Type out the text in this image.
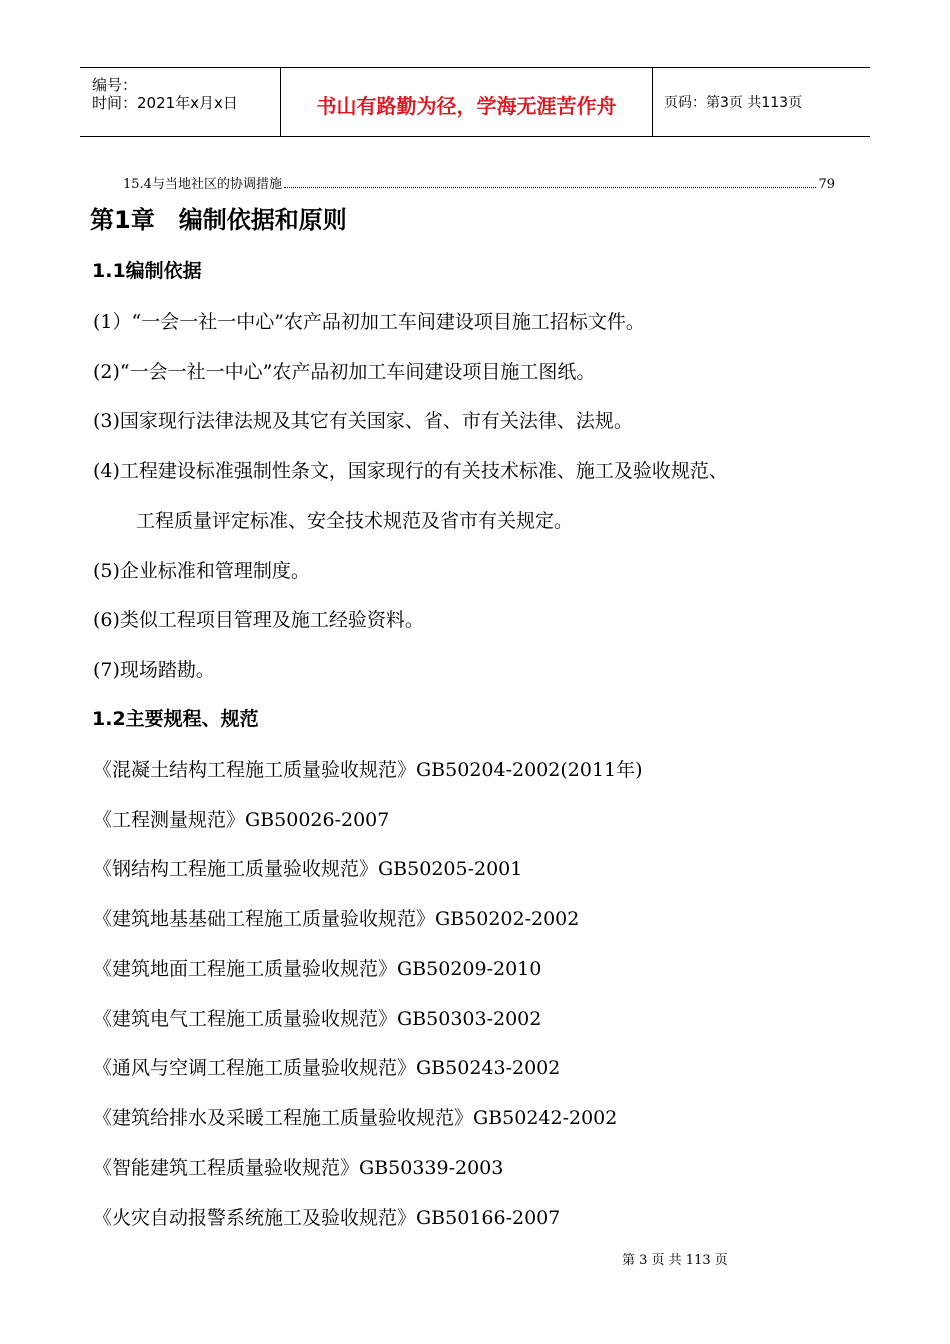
编号：
时间：2021年x月x日	书山有路勤为径，学海无涯苦作舟	页码：第3页 共113页
15.4与当地社区的协调措施	79
第1章　编制依据和原则
1.1编制依据
(1）“一会一社一中心”农产品初加工车间建设项目施工招标文件。
(2)“一会一社一中心”农产品初加工车间建设项目施工图纸。
(3)国家现行法律法规及其它有关国家、省、市有关法律、法规。
(4)工程建设标准强制性条文，国家现行的有关技术标准、施工及验收规范、
工程质量评定标准、安全技术规范及省市有关规定。
(5)企业标准和管理制度。
(6)类似工程项目管理及施工经验资料。
(7)现场踏勘。
1.2主要规程、规范
《混凝土结构工程施工质量验收规范》GB50204-2002(2011年)
《工程测量规范》GB50026-2007
《钢结构工程施工质量验收规范》GB50205-2001
《建筑地基基础工程施工质量验收规范》GB50202-2002
《建筑地面工程施工质量验收规范》GB50209-2010
《建筑电气工程施工质量验收规范》GB50303-2002
《通风与空调工程施工质量验收规范》GB50243-2002
《建筑给排水及采暖工程施工质量验收规范》GB50242-2002
《智能建筑工程质量验收规范》GB50339-2003
《火灾自动报警系统施工及验收规范》GB50166-2007
第 3 页 共 113 页
